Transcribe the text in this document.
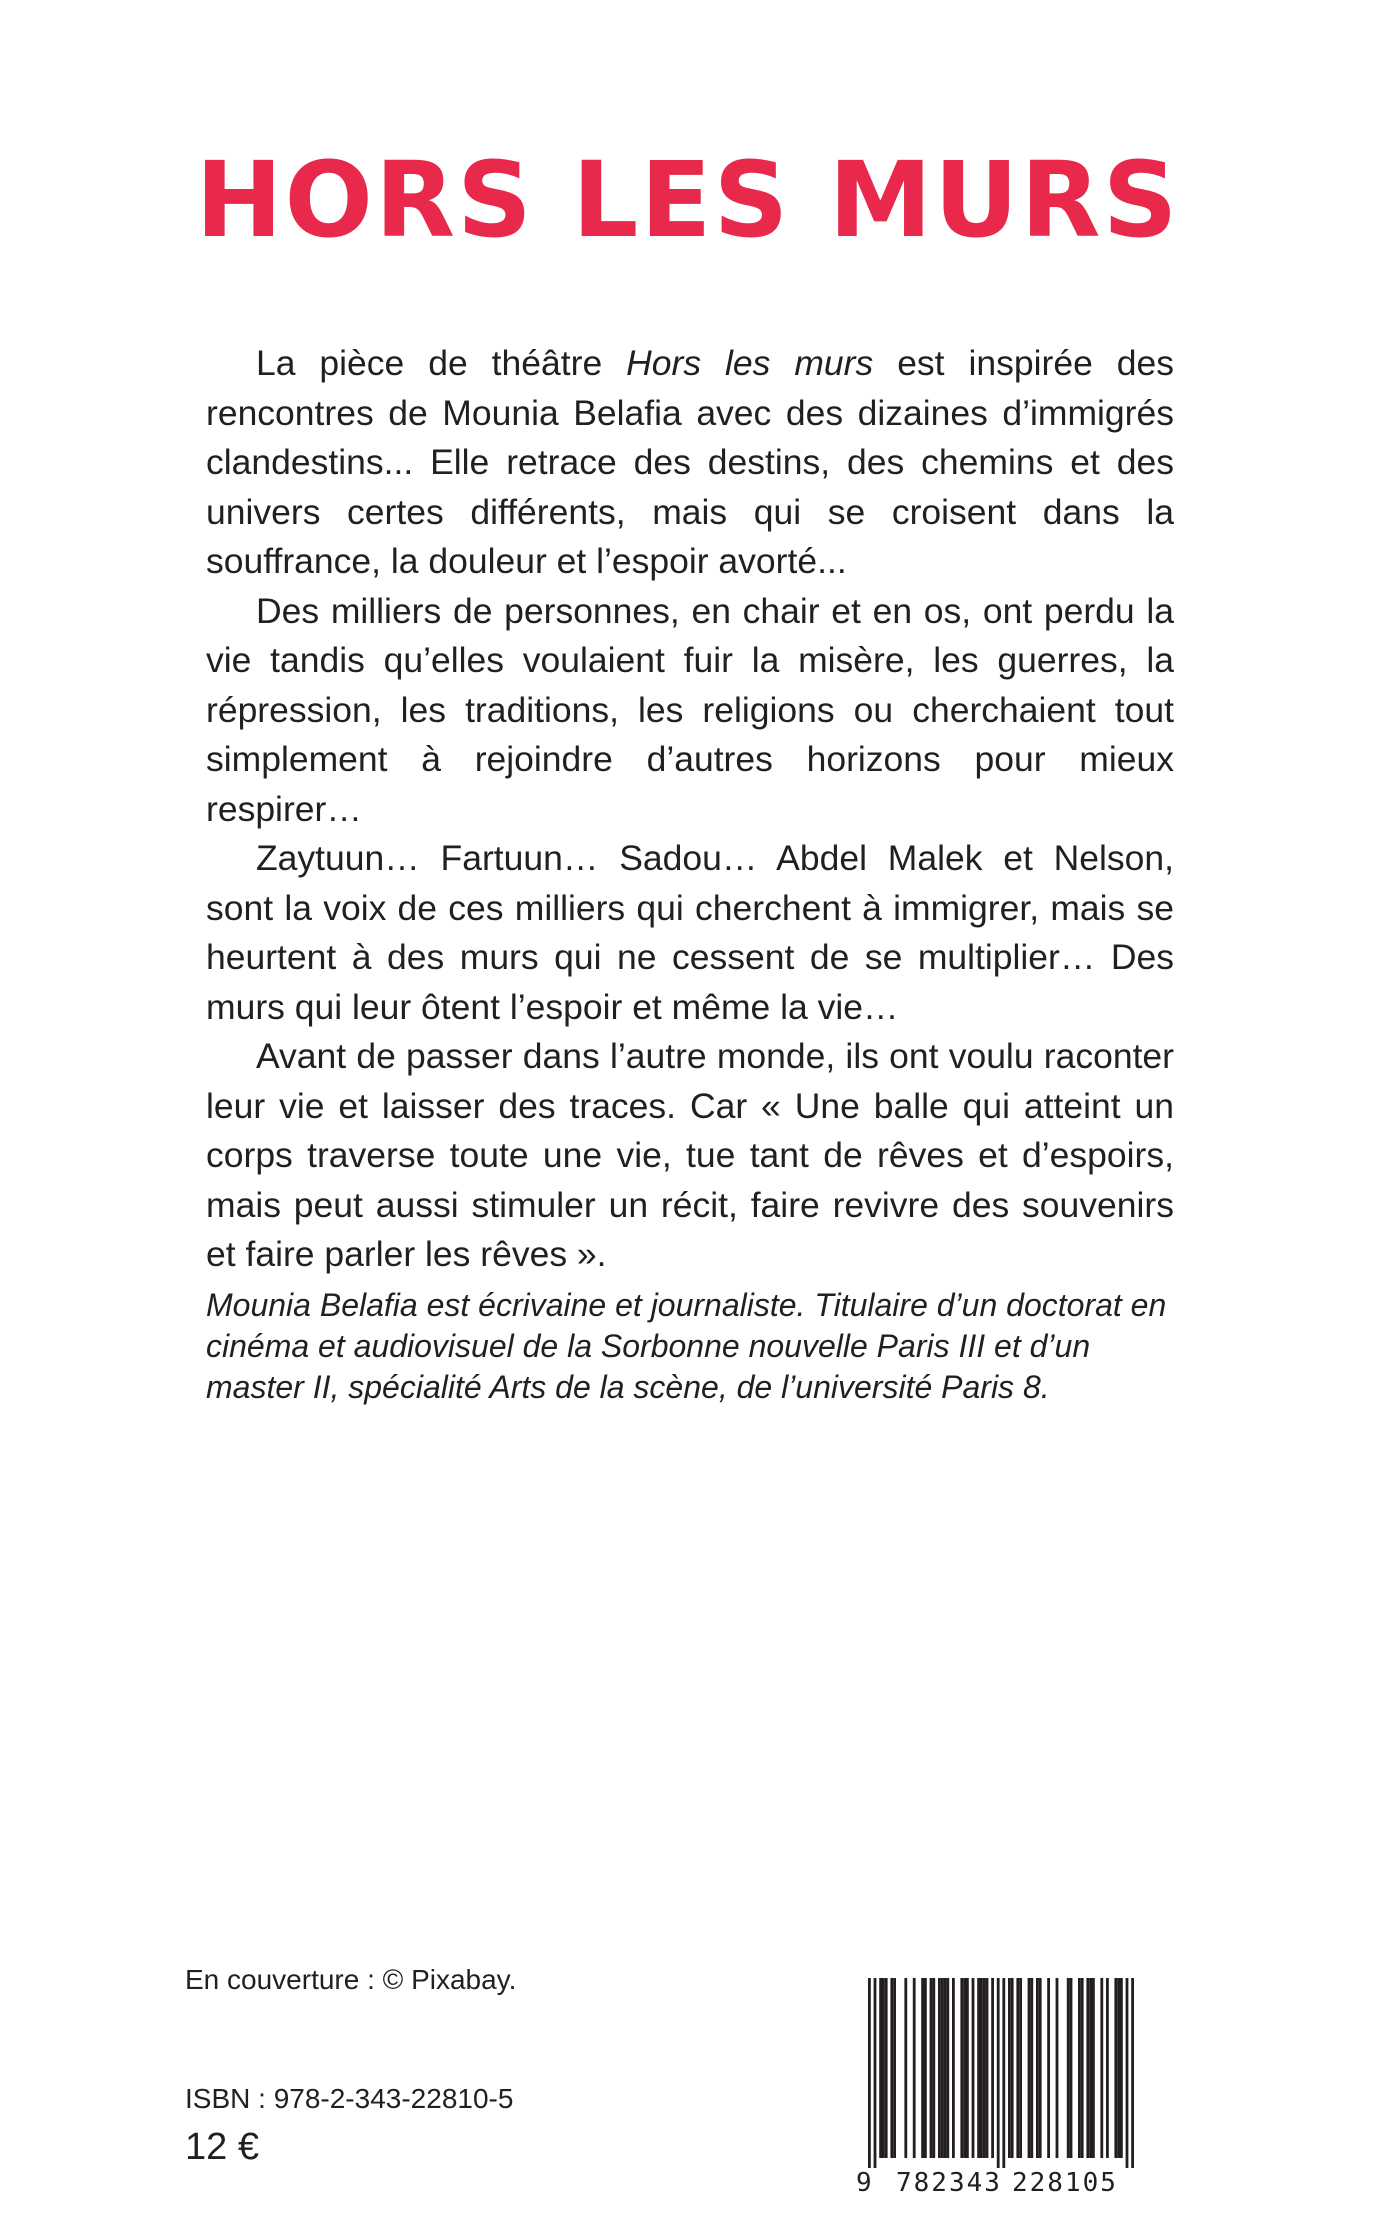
HORS LES MURS

La pièce de théâtre Hors les murs est inspirée des rencontres de Mounia Belafia avec des dizaines d’immigrés clandestins... Elle retrace des destins, des chemins et des univers certes différents, mais qui se croisent dans la souffrance, la douleur et l’espoir avorté...

Des milliers de personnes, en chair et en os, ont perdu la vie tandis qu’elles voulaient fuir la misère, les guerres, la répression, les traditions, les religions ou cherchaient tout simplement à rejoindre d’autres horizons pour mieux respirer…

Zaytuun… Fartuun… Sadou… Abdel Malek et Nelson, sont la voix de ces milliers qui cherchent à immigrer, mais se heurtent à des murs qui ne cessent de se multiplier… Des murs qui leur ôtent l’espoir et même la vie…

Avant de passer dans l’autre monde, ils ont voulu raconter leur vie et laisser des traces. Car « Une balle qui atteint un corps traverse toute une vie, tue tant de rêves et d’espoirs, mais peut aussi stimuler un récit, faire revivre des souvenirs et faire parler les rêves ».

Mounia Belafia est écrivaine et journaliste. Titulaire d’un doctorat en cinéma et audiovisuel de la Sorbonne nouvelle Paris III et d’un master II, spécialité Arts de la scène, de l’université Paris 8.

En couverture : © Pixabay.

ISBN : 978-2-343-22810-5

12 €

9 782343 228105
